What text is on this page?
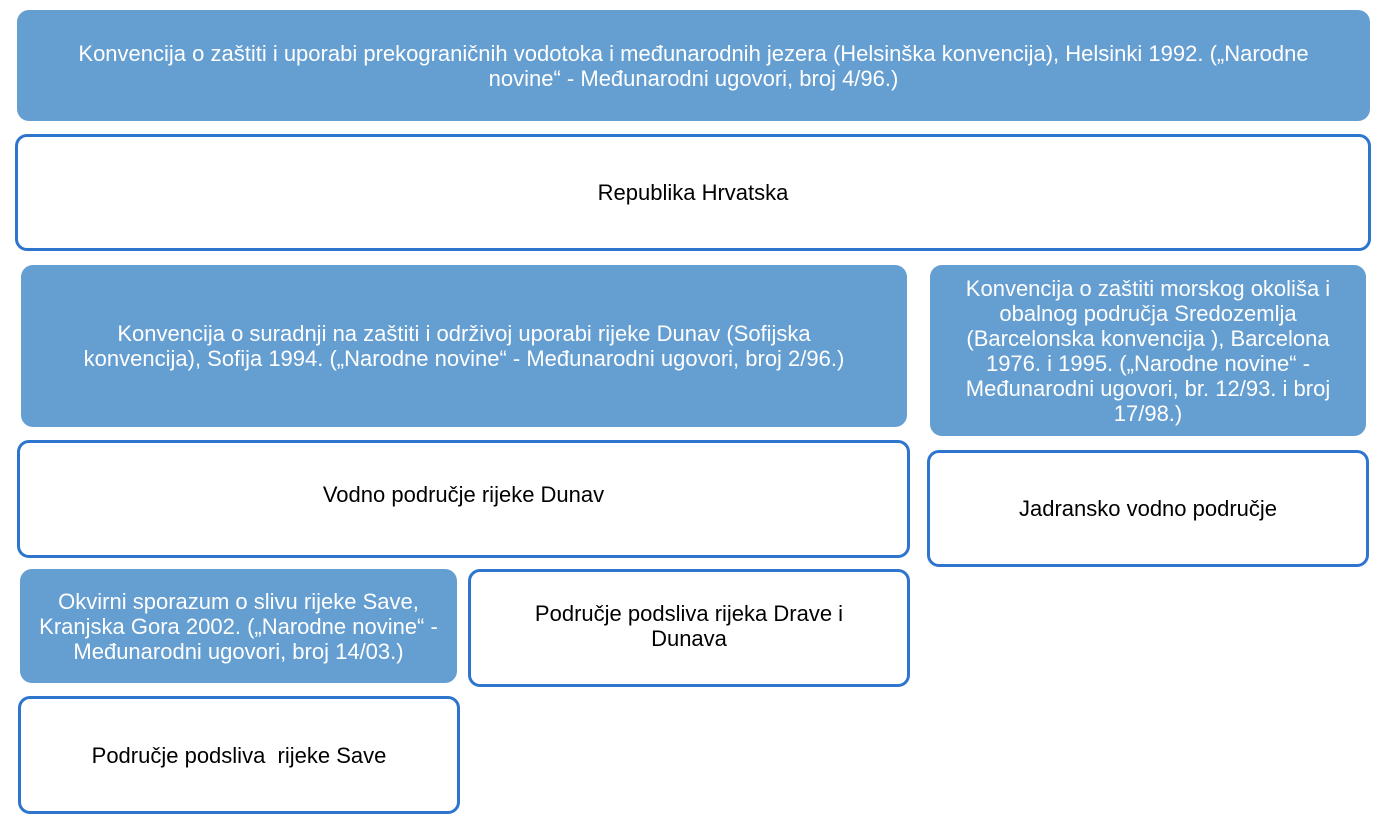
Konvencija o zaštiti i uporabi prekograničnih vodotoka i međunarodnih jezera (Helsinška konvencija), Helsinki 1992. („Narodne novine“ - Međunarodni ugovori, broj 4/96.)
Republika Hrvatska
Konvencija o suradnji na zaštiti i održivoj uporabi rijeke Dunav (Sofijska konvencija), Sofija 1994. („Narodne novine“ - Međunarodni ugovori, broj 2/96.)
Konvencija o zaštiti morskog okoliša i obalnog područja Sredozemlja (Barcelonska konvencija ), Barcelona 1976. i 1995. („Narodne novine“ - Međunarodni ugovori, br. 12/93. i broj 17/98.)
Vodno područje rijeke Dunav
Jadransko vodno područje
Okvirni sporazum o slivu rijeke Save, Kranjska Gora 2002. („Narodne novine“ - Međunarodni ugovori, broj 14/03.)
Područje podsliva rijeka Drave i Dunava
Područje podsliva  rijeke Save
